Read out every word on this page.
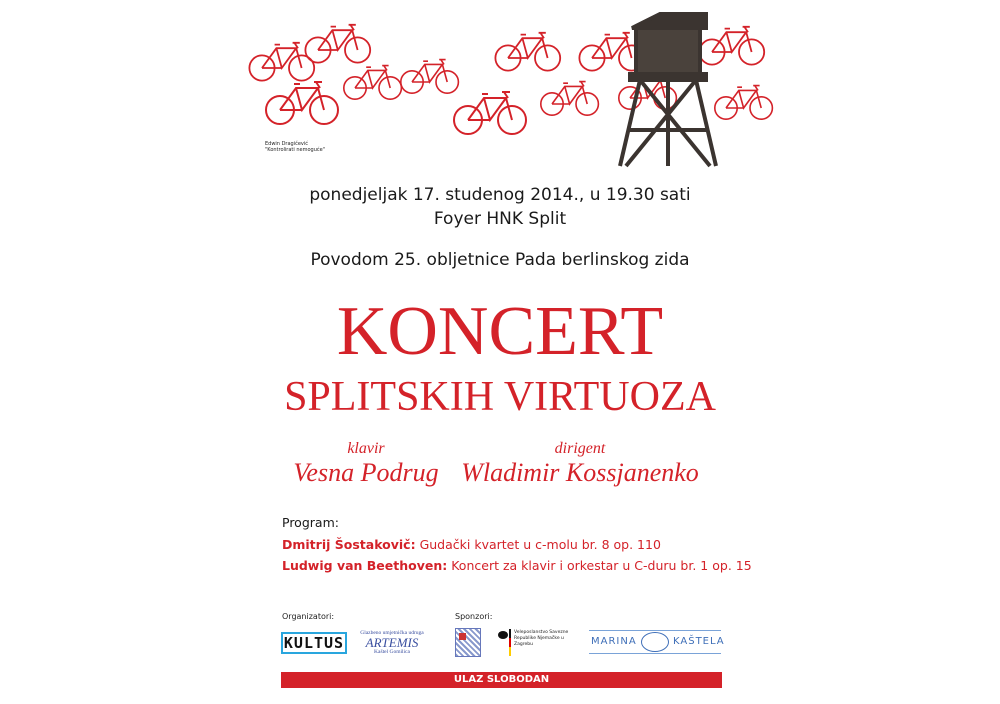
Edwin Dragičević
"Kontrolirati nemoguće"
ponedjeljak 17. studenog 2014., u 19.30 sati
Foyer HNK Split
Povodom 25. obljetnice Pada berlinskog zida
KONCERT
SPLITSKIH VIRTUOZA
klavir
Vesna Podrug
dirigent
Wladimir Kossjanenko
Program:
Dmitrij Šostakovič: Gudački kvartet u c-molu br. 8 op. 110
Ludwig van Beethoven: Koncert za klavir i orkestar u C-duru br. 1 op. 15
Organizatori:
KULTUS
Glazbeno umjetnička udruga
ARTEMIS
Kaštel Gomilica
Sponzori:
Veleposlanstvo Savezne Republike Njemačke u Zagrebu	MARINA	KAŠTELA
ULAZ SLOBODAN
